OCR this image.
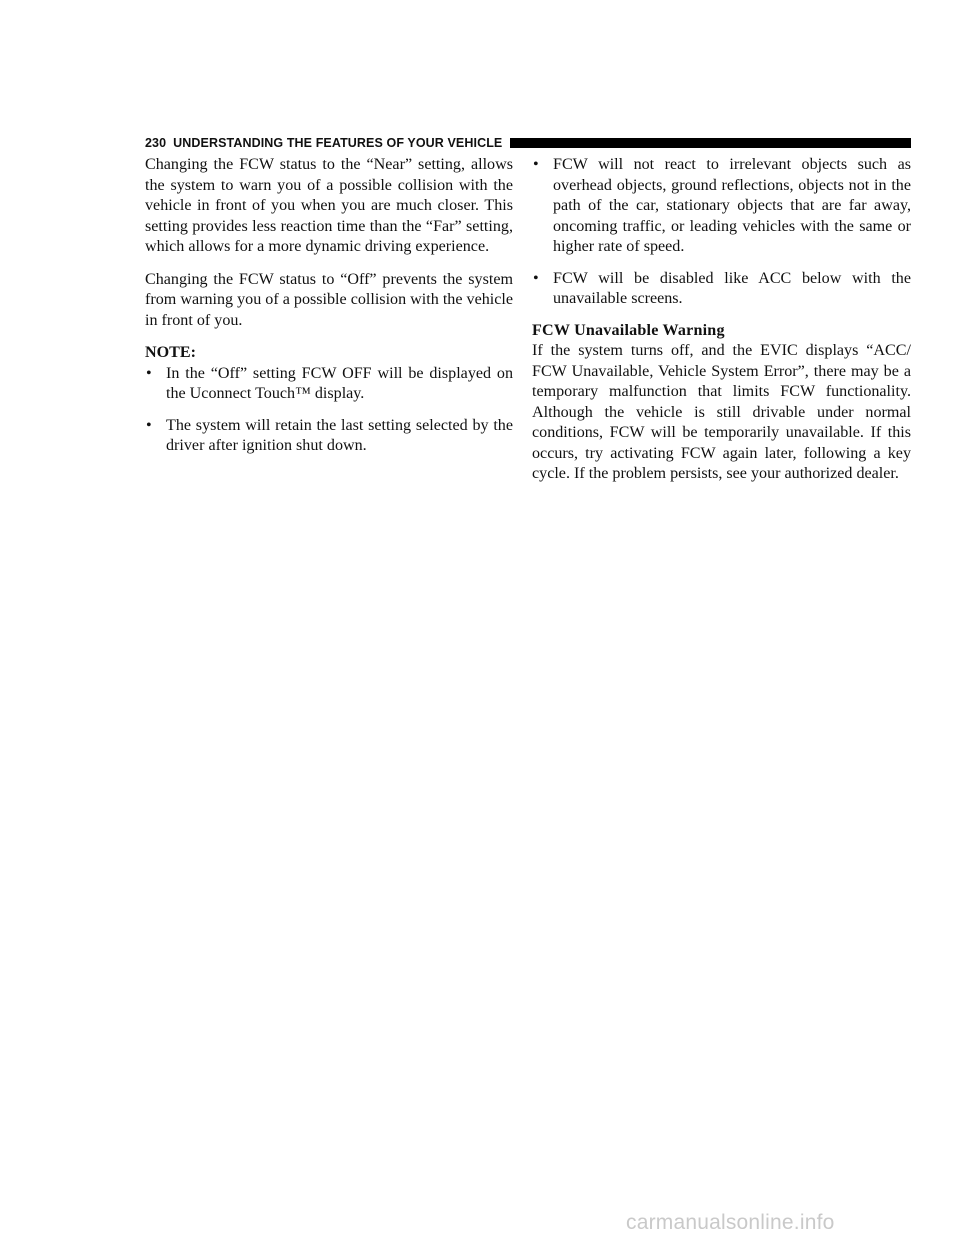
230 UNDERSTANDING THE FEATURES OF YOUR VEHICLE

Changing the FCW status to the “Near” setting, allows the system to warn you of a possible collision with the vehicle in front of you when you are much closer. This setting provides less reaction time than the “Far” setting, which allows for a more dynamic driving experience.

Changing the FCW status to “Off” prevents the system from warning you of a possible collision with the vehicle in front of you.

NOTE:
• In the “Off” setting FCW OFF will be displayed on the Uconnect Touch™ display.
• The system will retain the last setting selected by the driver after ignition shut down.
• FCW will not react to irrelevant objects such as overhead objects, ground reflections, objects not in the path of the car, stationary objects that are far away, oncoming traffic, or leading vehicles with the same or higher rate of speed.
• FCW will be disabled like ACC below with the unavailable screens.
FCW Unavailable Warning

If the system turns off, and the EVIC displays “ACC/ FCW Unavailable, Vehicle System Error”, there may be a temporary malfunction that limits FCW functionality. Although the vehicle is still drivable under normal conditions, FCW will be temporarily unavailable. If this occurs, try activating FCW again later, following a key cycle. If the problem persists, see your authorized dealer.

carmanualsonline.info
